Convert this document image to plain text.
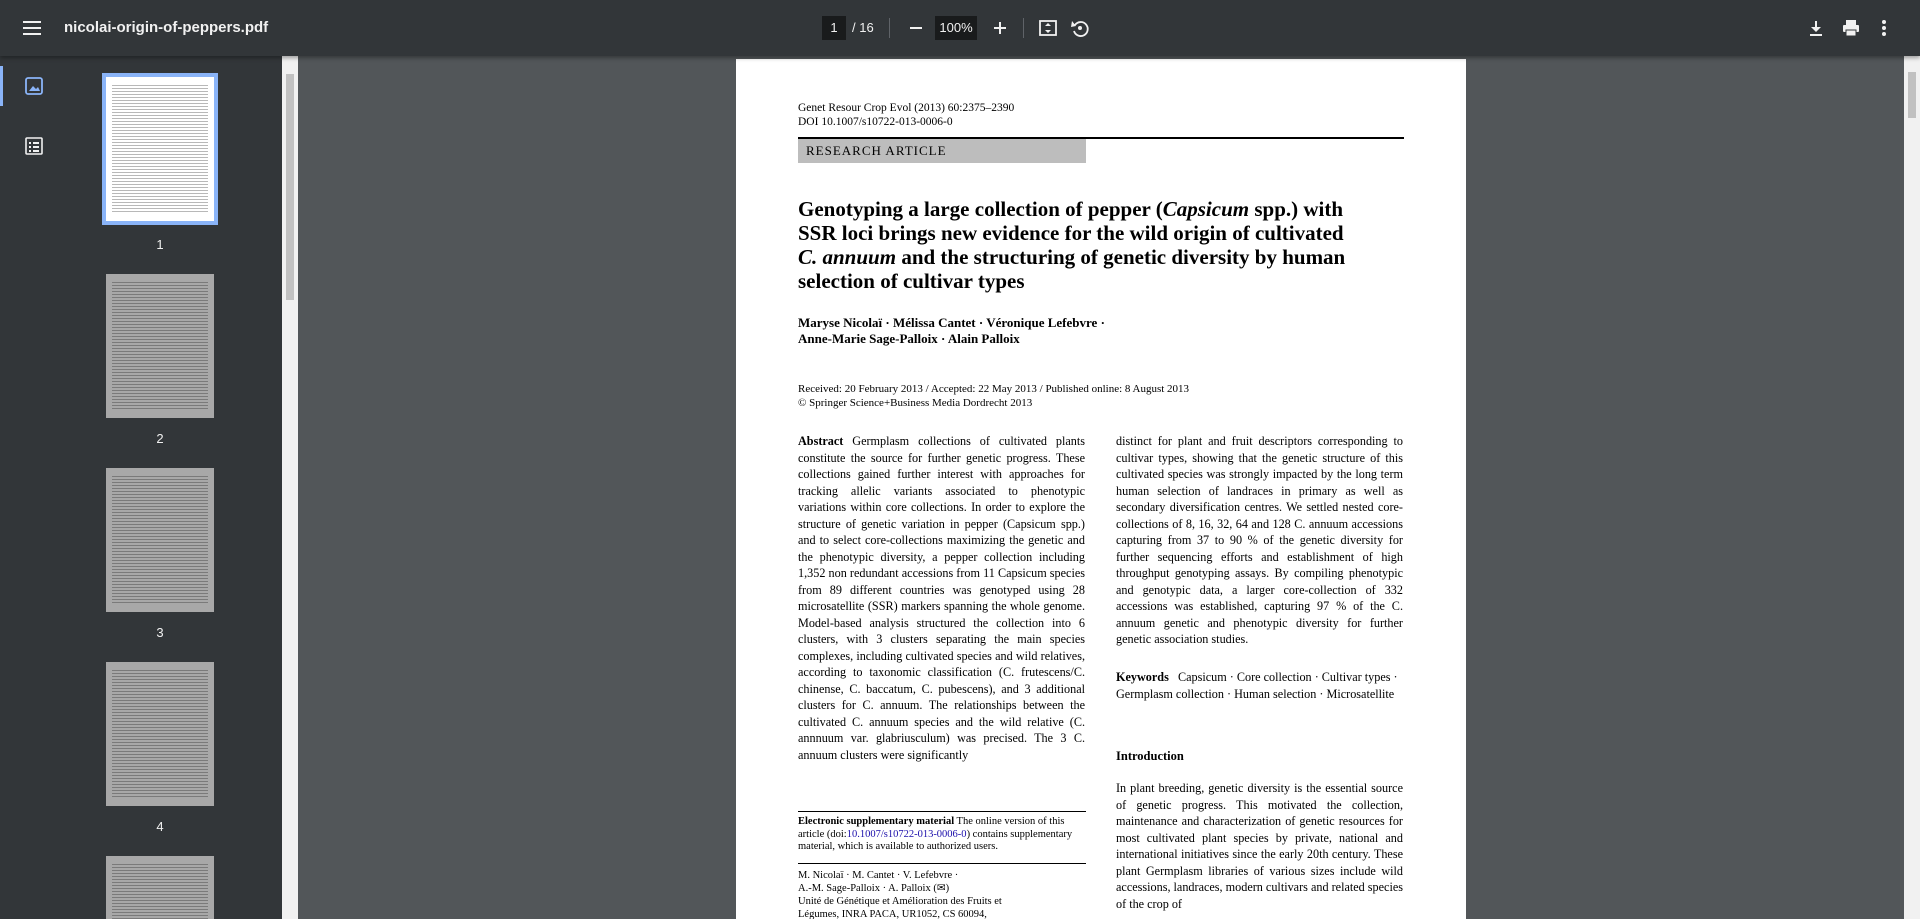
nicolai-origin-of-peppers.pdf
1	/ 16
100%
1
2
3
4
Genet Resour Crop Evol (2013) 60:2375–2390
DOI 10.1007/s10722-013-0006-0
RESEARCH ARTICLE
Genotyping a large collection of pepper (Capsicum spp.) with SSR loci brings new evidence for the wild origin of cultivated C. annuum and the structuring of genetic diversity by human selection of cultivar types
Maryse Nicolaï · Mélissa Cantet · Véronique Lefebvre ·
Anne-Marie Sage-Palloix · Alain Palloix
Received: 20 February 2013 / Accepted: 22 May 2013 / Published online: 8 August 2013
© Springer Science+Business Media Dordrecht 2013
Abstract Germplasm collections of cultivated plants constitute the source for further genetic progress. These collections gained further interest with approaches for tracking allelic variants associated to phenotypic variations within core collections. In order to explore the structure of genetic variation in pepper (Capsicum spp.) and to select core-collections maximizing the genetic and the phenotypic diversity, a pepper collection including 1,352 non redundant accessions from 11 Capsicum species from 89 different countries was genotyped using 28 microsatellite (SSR) markers spanning the whole genome. Model-based analysis structured the collection into 6 clusters, with 3 clusters separating the main species complexes, including cultivated species and wild relatives, according to taxonomic classification (C. frutescens/C. chinense, C. baccatum, C. pubescens), and 3 additional clusters for C. annuum. The relationships between the cultivated C. annuum species and the wild relative (C. annnuum var. glabriusculum) was precised. The 3 C. annuum clusters were significantly
distinct for plant and fruit descriptors corresponding to cultivar types, showing that the genetic structure of this cultivated species was strongly impacted by the long term human selection of landraces in primary as well as secondary diversification centres. We settled nested core-collections of 8, 16, 32, 64 and 128 C. annuum accessions capturing from 37 to 90 % of the genetic diversity for further sequencing efforts and establishment of high throughput genotyping assays. By compiling phenotypic and genotypic data, a larger core-collection of 332 accessions was established, capturing 97 % of the C. annuum genetic and phenotypic diversity for further genetic association studies.
Keywords Capsicum · Core collection · Cultivar types · Germplasm collection · Human selection · Microsatellite
Introduction
In plant breeding, genetic diversity is the essential source of genetic progress. This motivated the collection, maintenance and characterization of genetic resources for most cultivated plant species by private, national and international initiatives since the early 20th century. These plant Germplasm libraries of various sizes include wild accessions, landraces, modern cultivars and related species of the crop of
Electronic supplementary material The online version of this article (doi:10.1007/s10722-013-0006-0) contains supplementary material, which is available to authorized users.
M. Nicolaï · M. Cantet · V. Lefebvre ·
A.-M. Sage-Palloix · A. Palloix (✉)
Unité de Génétique et Amélioration des Fruits et
Légumes, INRA PACA, UR1052, CS 60094,
